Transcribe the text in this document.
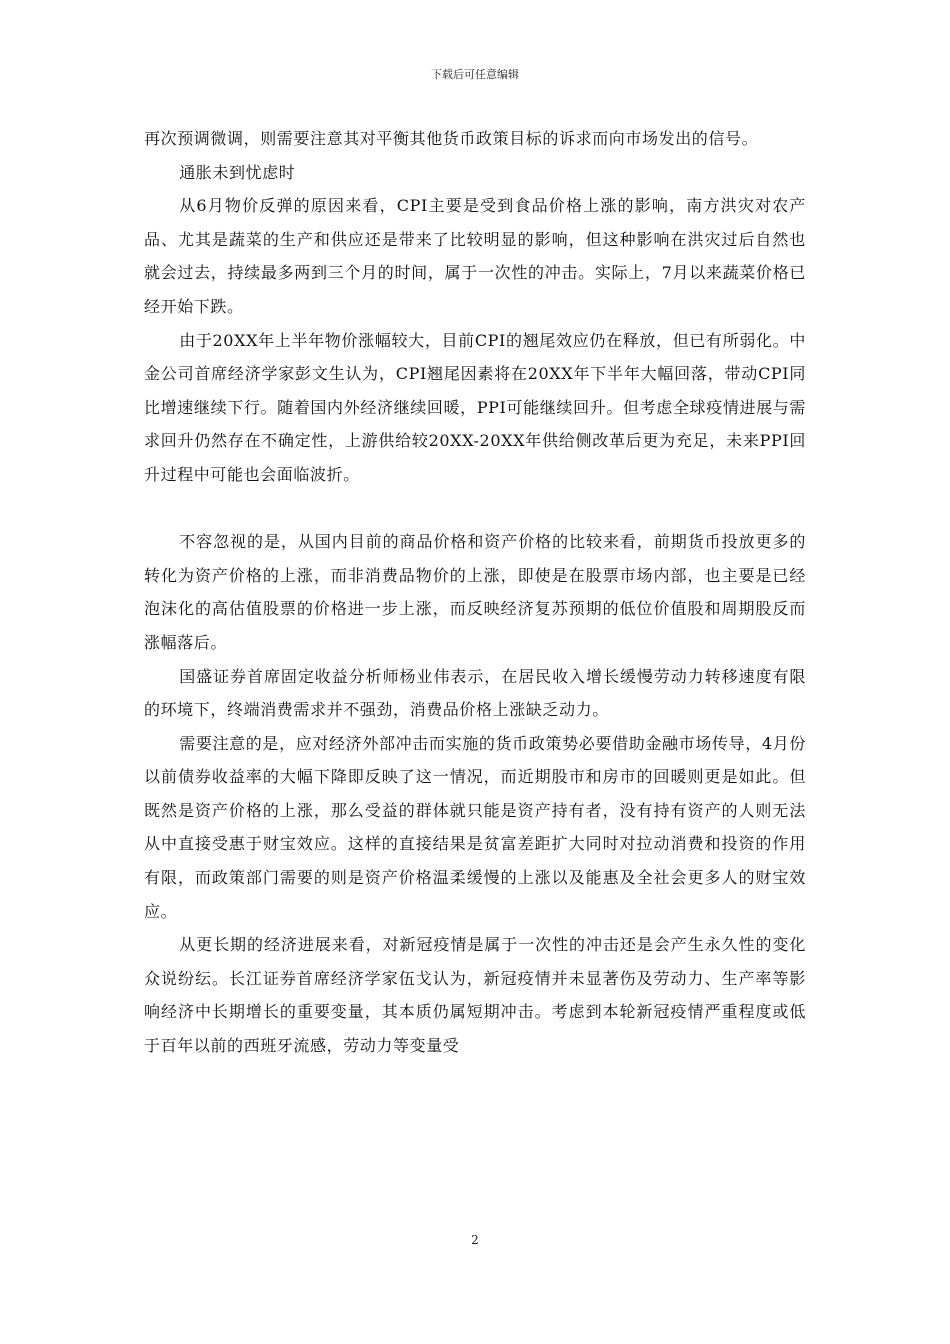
下载后可任意编辑

再次预调微调，则需要注意其对平衡其他货币政策目标的诉求而向市场发出的信号。

通胀未到忧虑时

从6月物价反弹的原因来看，CPI主要是受到食品价格上涨的影响，南方洪灾对农产品、尤其是蔬菜的生产和供应还是带来了比较明显的影响，但这种影响在洪灾过后自然也就会过去，持续最多两到三个月的时间，属于一次性的冲击。实际上，7月以来蔬菜价格已经开始下跌。

由于20XX年上半年物价涨幅较大，目前CPI的翘尾效应仍在释放，但已有所弱化。中金公司首席经济学家彭文生认为，CPI翘尾因素将在20XX年下半年大幅回落，带动CPI同比增速继续下行。随着国内外经济继续回暖，PPI可能继续回升。但考虑全球疫情进展与需求回升仍然存在不确定性，上游供给较20XX-20XX年供给侧改革后更为充足，未来PPI回升过程中可能也会面临波折。

不容忽视的是，从国内目前的商品价格和资产价格的比较来看，前期货币投放更多的转化为资产价格的上涨，而非消费品物价的上涨，即使是在股票市场内部，也主要是已经泡沫化的高估值股票的价格进一步上涨，而反映经济复苏预期的低位价值股和周期股反而涨幅落后。

国盛证券首席固定收益分析师杨业伟表示，在居民收入增长缓慢劳动力转移速度有限的环境下，终端消费需求并不强劲，消费品价格上涨缺乏动力。

需要注意的是，应对经济外部冲击而实施的货币政策势必要借助金融市场传导，4月份以前债券收益率的大幅下降即反映了这一情况，而近期股市和房市的回暖则更是如此。但既然是资产价格的上涨，那么受益的群体就只能是资产持有者，没有持有资产的人则无法从中直接受惠于财宝效应。这样的直接结果是贫富差距扩大同时对拉动消费和投资的作用有限，而政策部门需要的则是资产价格温柔缓慢的上涨以及能惠及全社会更多人的财宝效应。

从更长期的经济进展来看，对新冠疫情是属于一次性的冲击还是会产生永久性的变化众说纷纭。长江证券首席经济学家伍戈认为，新冠疫情并未显著伤及劳动力、生产率等影响经济中长期增长的重要变量，其本质仍属短期冲击。考虑到本轮新冠疫情严重程度或低于百年以前的西班牙流感，劳动力等变量受

2
